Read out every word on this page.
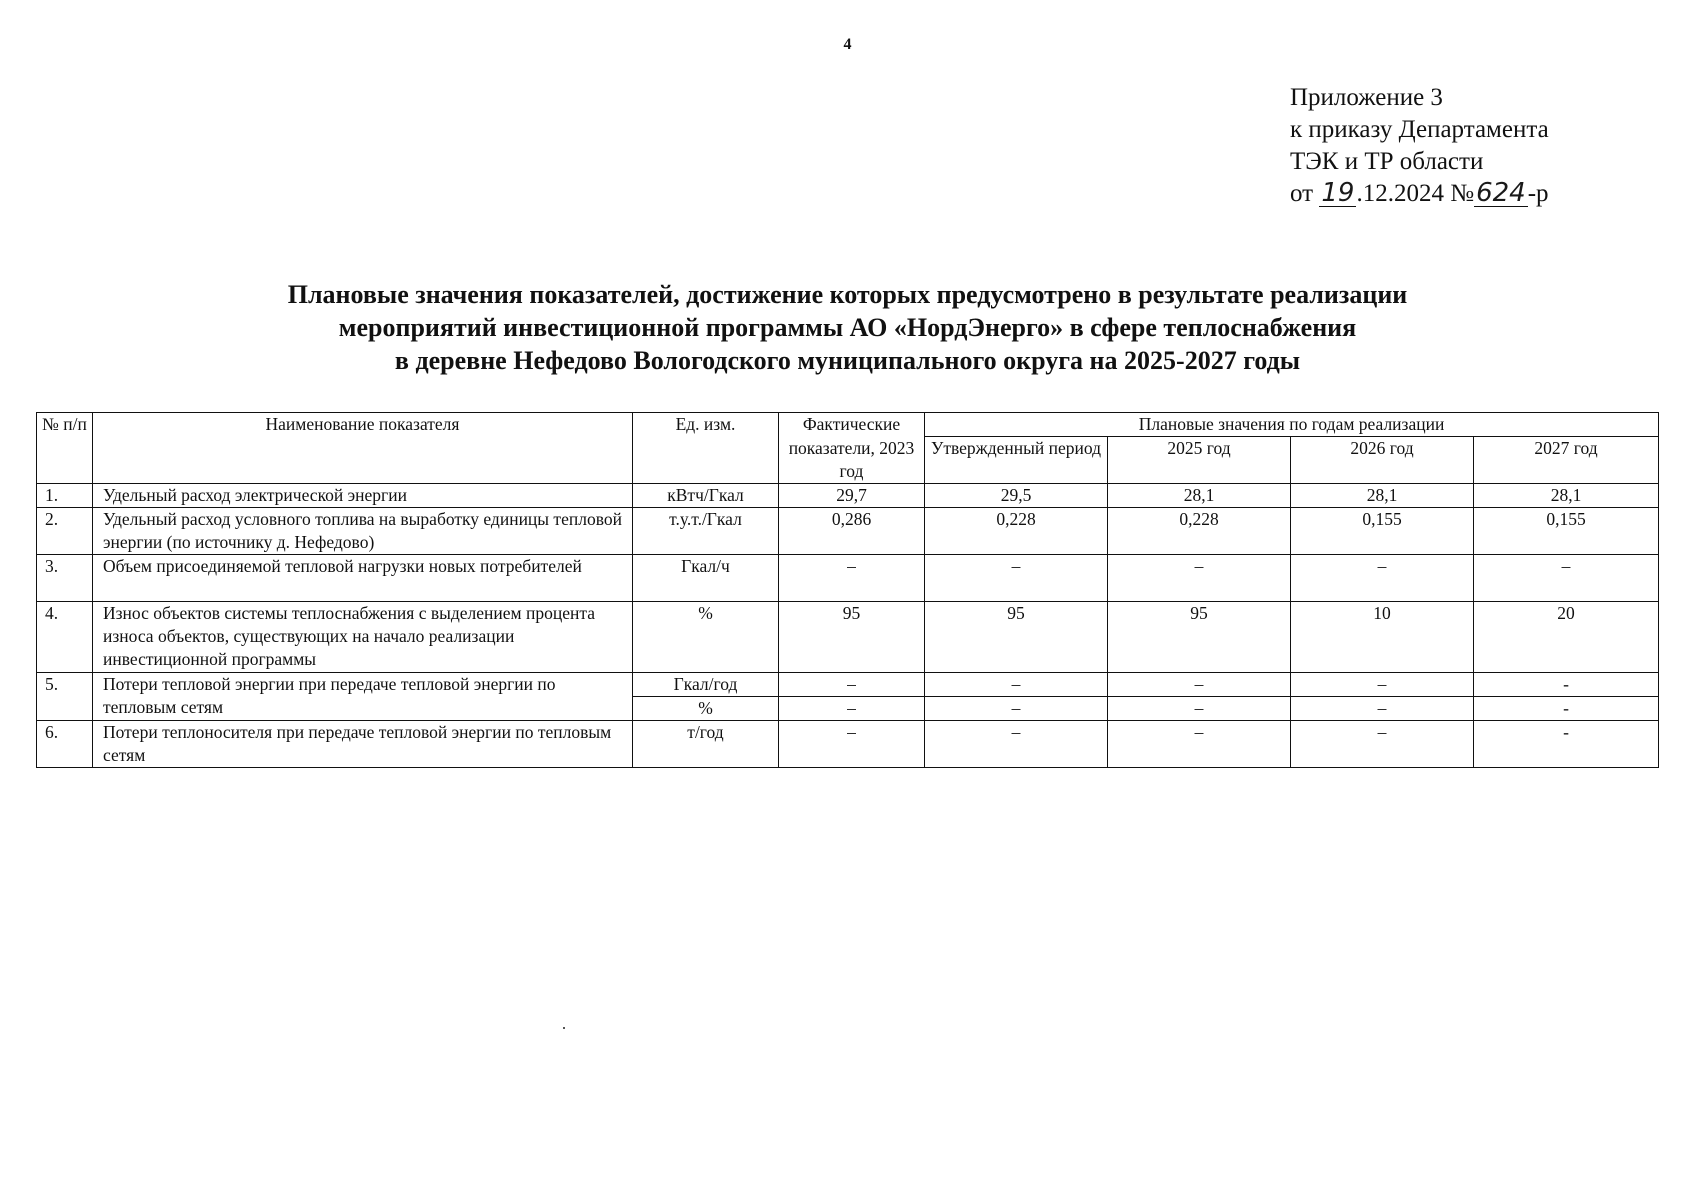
4
Приложение 3
к приказу Департамента
ТЭК и ТР области
от 19.12.2024 №624-р
Плановые значения показателей, достижение которых предусмотрено в результате реализации
мероприятий инвестиционной программы АО «НордЭнерго» в сфере теплоснабжения
в деревне Нефедово Вологодского муниципального округа на 2025-2027 годы
№ п/п	Наименование показателя	Ед. изм.	Фактические	Плановые значения по годам реализации			
			показатели, 2023 год	Утвержденный период	2025 год	2026 год	2027 год
1.	Удельный расход электрической энергии	кВтч/Гкал	29,7	29,5	28,1	28,1	28,1
2.	Удельный расход условного топлива на выработку единицы тепловой энергии (по источнику д. Нефедово)	т.у.т./Гкал	0,286	0,228	0,228	0,155	0,155
3.	Объем присоединяемой тепловой нагрузки новых потребителей	Гкал/ч	–	–	–	–	–
4.	Износ объектов системы теплоснабжения с выделением процента износа объектов, существующих на начало реализации инвестиционной программы	%	95	95	95	10	20
5.	Потери тепловой энергии при передаче тепловой энергии по тепловым сетям	Гкал/год	–	–	–	–	-
		%	–	–	–	–	-
6.	Потери теплоносителя при передаче тепловой энергии по тепловым сетям	т/год	–	–	–	–	-
